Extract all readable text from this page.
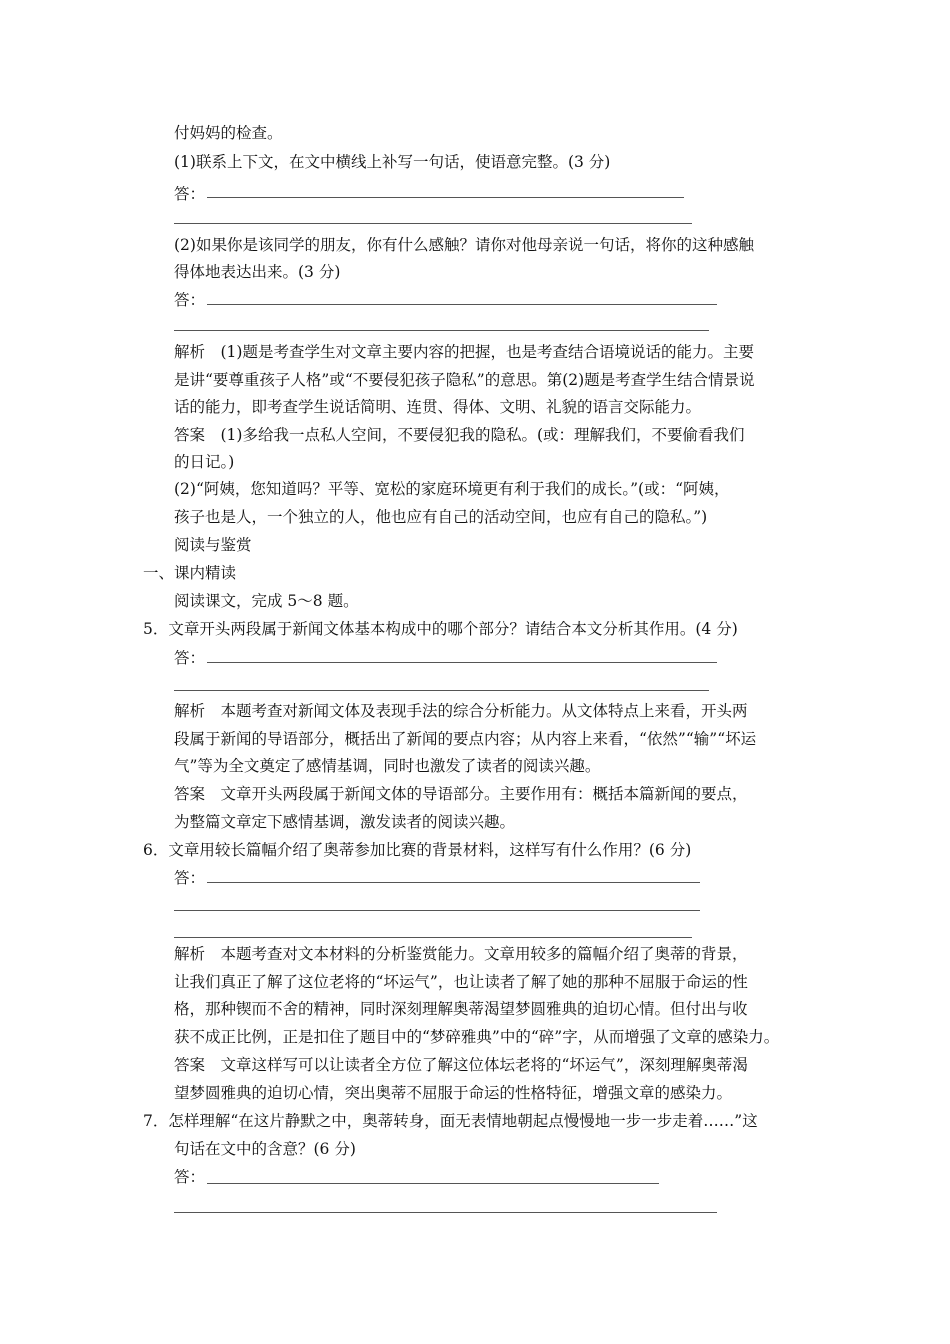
付妈妈的检查。
(1)联系上下文，在文中横线上补写一句话，使语意完整。(3 分)
答：
(2)如果你是该同学的朋友，你有什么感触？请你对他母亲说一句话，将你的这种感触
得体地表达出来。(3 分)
答：
解析　(1)题是考查学生对文章主要内容的把握，也是考查结合语境说话的能力。主要
是讲“要尊重孩子人格”或“不要侵犯孩子隐私”的意思。第(2)题是考查学生结合情景说
话的能力，即考查学生说话简明、连贯、得体、文明、礼貌的语言交际能力。
答案　(1)多给我一点私人空间，不要侵犯我的隐私。(或：理解我们，不要偷看我们
的日记。)
(2)“阿姨，您知道吗？平等、宽松的家庭环境更有利于我们的成长。”(或：“阿姨，
孩子也是人，一个独立的人，他也应有自己的活动空间，也应有自己的隐私。”)
阅读与鉴赏
一、课内精读
阅读课文，完成 5～8 题。
5．文章开头两段属于新闻文体基本构成中的哪个部分？请结合本文分析其作用。(4 分)
答：
解析　本题考查对新闻文体及表现手法的综合分析能力。从文体特点上来看，开头两
段属于新闻的导语部分，概括出了新闻的要点内容；从内容上来看，“依然”“输”“坏运
气”等为全文奠定了感情基调，同时也激发了读者的阅读兴趣。
答案　文章开头两段属于新闻文体的导语部分。主要作用有：概括本篇新闻的要点，
为整篇文章定下感情基调，激发读者的阅读兴趣。
6．文章用较长篇幅介绍了奥蒂参加比赛的背景材料，这样写有什么作用？(6 分)
答：
解析　本题考查对文本材料的分析鉴赏能力。文章用较多的篇幅介绍了奥蒂的背景，
让我们真正了解了这位老将的“坏运气”，也让读者了解了她的那种不屈服于命运的性
格，那种锲而不舍的精神，同时深刻理解奥蒂渴望梦圆雅典的迫切心情。但付出与收
获不成正比例，正是扣住了题目中的“梦碎雅典”中的“碎”字，从而增强了文章的感染力。
答案　文章这样写可以让读者全方位了解这位体坛老将的“坏运气”，深刻理解奥蒂渴
望梦圆雅典的迫切心情，突出奥蒂不屈服于命运的性格特征，增强文章的感染力。
7．怎样理解“在这片静默之中，奥蒂转身，面无表情地朝起点慢慢地一步一步走着……”这
句话在文中的含意？(6 分)
答：
